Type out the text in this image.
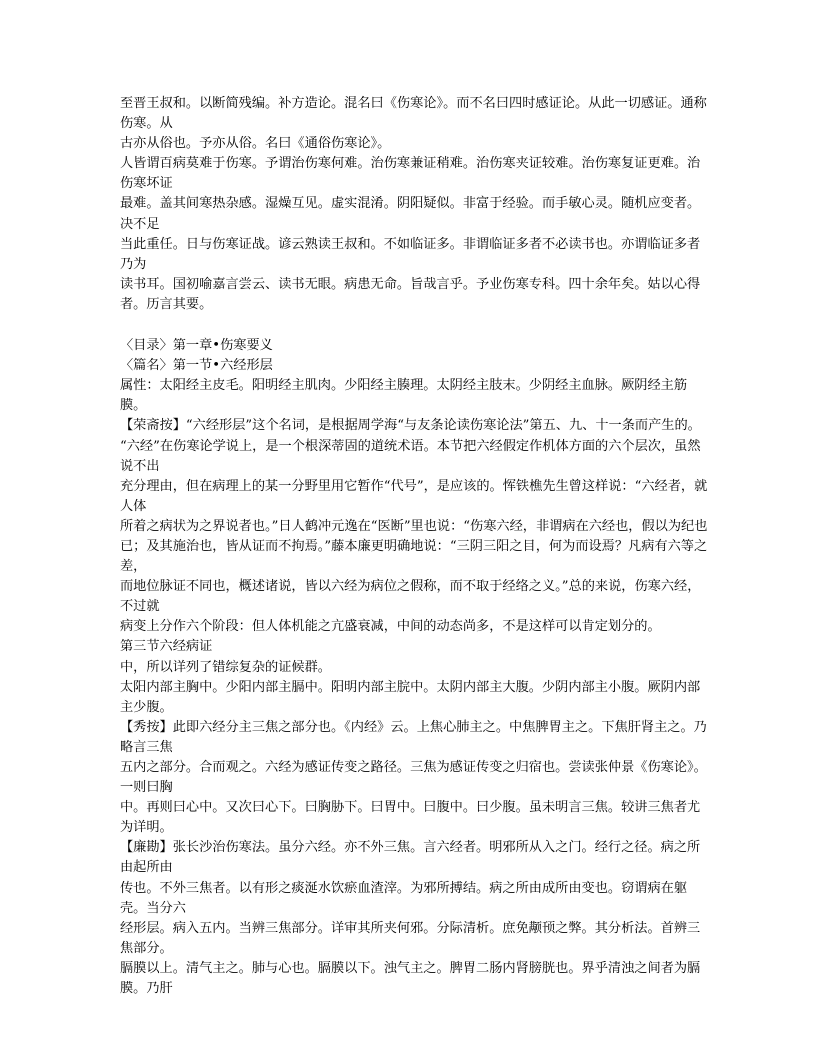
至晋王叔和。以断简残编。补方造论。混名曰《伤寒论》。而不名曰四时感证论。从此一切感证。通称伤寒。从

古亦从俗也。予亦从俗。名曰《通俗伤寒论》。

人皆谓百病莫难于伤寒。予谓治伤寒何难。治伤寒兼证稍难。治伤寒夹证较难。治伤寒复证更难。治伤寒坏证

最难。盖其间寒热杂感。湿燥互见。虚实混淆。阴阳疑似。非富于经验。而手敏心灵。随机应变者。决不足

当此重任。日与伤寒证战。谚云熟读王叔和。不如临证多。非谓临证多者不必读书也。亦谓临证多者乃为

读书耳。国初喻嘉言尝云、读书无眼。病患无命。旨哉言乎。予业伤寒专科。四十余年矣。姑以心得者。历言其要。

〈目录〉第一章•伤寒要义

〈篇名〉第一节•六经形层

属性：太阳经主皮毛。阳明经主肌肉。少阳经主腠理。太阴经主肢末。少阴经主血脉。厥阴经主筋膜。

【荣斋按】“六经形层”这个名词，是根据周学海“与友条论读伤寒论法”第五、九、十一条而产生的。

“六经”在伤寒论学说上，是一个根深蒂固的道统术语。本节把六经假定作机体方面的六个层次，虽然说不出

充分理由，但在病理上的某一分野里用它暂作“代号”，是应该的。恽铁樵先生曾这样说：“六经者，就人体

所着之病状为之界说者也。”日人鹤冲元逸在“医断”里也说：“伤寒六经，非谓病在六经也，假以为纪也

已；及其施治也，皆从证而不拘焉。”藤本廉更明确地说：“三阴三阳之目，何为而设焉？凡病有六等之差，

而地位脉证不同也，概述诸说，皆以六经为病位之假称，而不取于经络之义。”总的来说，伤寒六经，不过就

病变上分作六个阶段：但人体机能之亢盛衰减，中间的动态尚多，不是这样可以肯定划分的。

第三节六经病证

中，所以详列了错综复杂的证候群。

太阳内部主胸中。少阳内部主膈中。阳明内部主脘中。太阴内部主大腹。少阴内部主小腹。厥阴内部主少腹。

【秀按】此即六经分主三焦之部分也。《内经》云。上焦心肺主之。中焦脾胃主之。下焦肝肾主之。乃略言三焦

五内之部分。合而观之。六经为感证传变之路径。三焦为感证传变之归宿也。尝读张仲景《伤寒论》。一则曰胸

中。再则曰心中。又次曰心下。曰胸胁下。曰胃中。曰腹中。曰少腹。虽未明言三焦。较讲三焦者尤为详明。

【廉勘】张长沙治伤寒法。虽分六经。亦不外三焦。言六经者。明邪所从入之门。经行之径。病之所由起所由

传也。不外三焦者。以有形之痰涎水饮瘀血渣滓。为邪所搏结。病之所由成所由变也。窃谓病在躯壳。当分六

经形层。病入五内。当辨三焦部分。详审其所夹何邪。分际清析。庶免颟顸之弊。其分析法。首辨三焦部分。

膈膜以上。清气主之。肺与心也。膈膜以下。浊气主之。脾胃二肠内肾膀胱也。界乎清浊之间者为膈膜。乃肝
